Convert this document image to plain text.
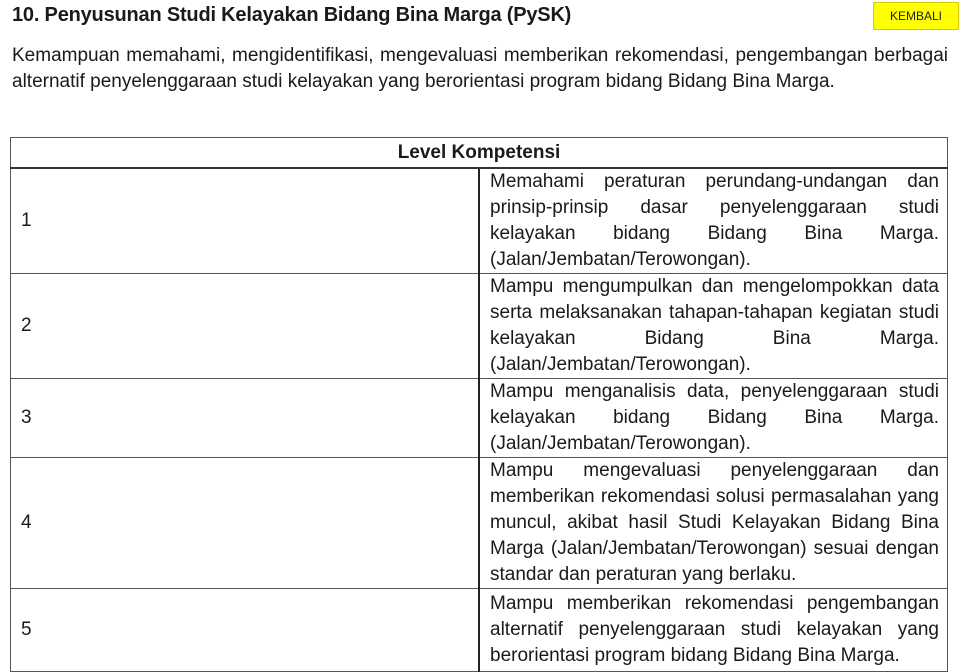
10. Penyusunan Studi Kelayakan Bidang Bina Marga (PySK)	KEMBALI
Kemampuan memahami, mengidentifikasi, mengevaluasi memberikan rekomendasi, pengembangan berbagai alternatif penyelenggaraan studi kelayakan yang berorientasi program bidang Bidang Bina Marga.
Level Kompetensi	
1	Memahami peraturan perundang-undangan dan prinsip-prinsip dasar penyelenggaraan studi kelayakan bidang Bidang Bina Marga. (Jalan/Jembatan/Terowongan).
2	Mampu mengumpulkan dan mengelompokkan data serta melaksanakan tahapan-tahapan kegiatan studi kelayakan Bidang Bina Marga. (Jalan/Jembatan/Terowongan).
3	Mampu menganalisis data, penyelenggaraan studi kelayakan bidang Bidang Bina Marga. (Jalan/Jembatan/Terowongan).
4	Mampu mengevaluasi penyelenggaraan dan memberikan rekomendasi solusi permasalahan yang muncul, akibat hasil Studi Kelayakan Bidang Bina Marga (Jalan/Jembatan/Terowongan) sesuai dengan standar dan peraturan yang berlaku.
5	Mampu memberikan rekomendasi pengembangan alternatif penyelenggaraan studi kelayakan yang berorientasi program bidang Bidang Bina Marga.
